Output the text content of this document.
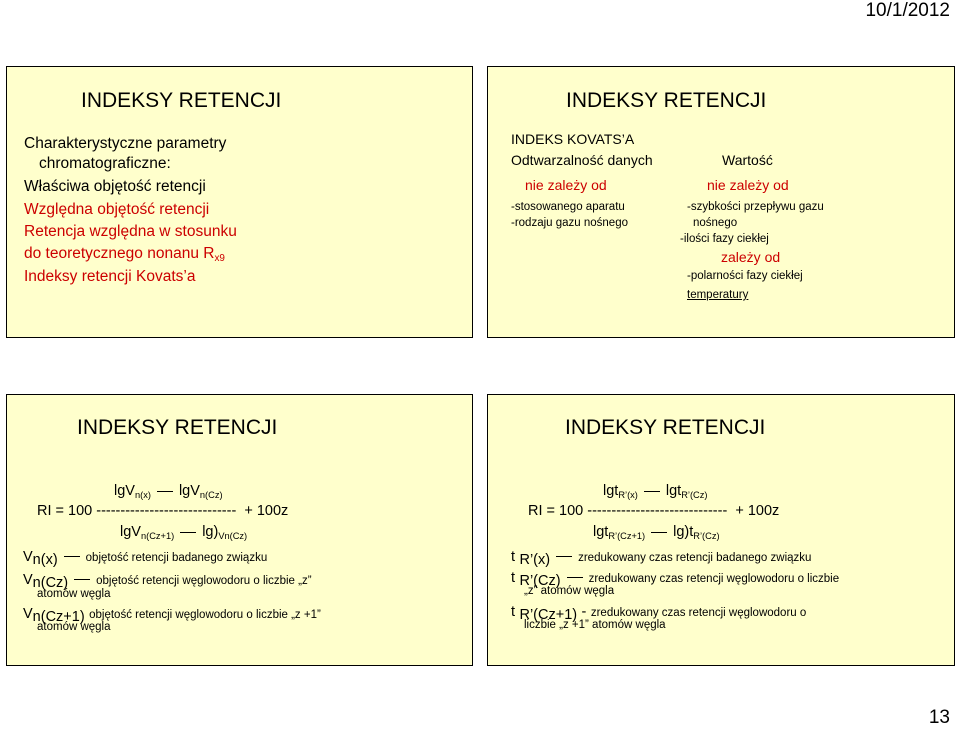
10/1/2012
INDEKSY RETENCJI
Charakterystyczne parametry
chromatograficzne:
Właściwa objętość retencji
Względna objętość retencji
Retencja względna w stosunku
do teoretycznego nonanu $R_{x9}$
Indeksy retencji Kovats’a
INDEKSY RETENCJI
INDEKS KOVATS’A
Odtwarzalność danych	Wartość
nie zależy od	nie zależy od
-stosowanego aparatu
-rodzaju gazu nośnego
-szybkości przepływu gazu
nośnego
-ilości fazy ciekłej
zależy od
-polarności fazy ciekłej
temperatury
INDEKSY RETENCJI
lgV$_{n(x)}$ lgV$_{n(Cz)}$
RI = 100 ----------------------------- + 100z
lgV$_{n(Cz+1)}$ $\lg)_{Vn(Cz)}$
$V_{n(x)}$ objętość retencji badanego związku
$V_{n(Cz)}$ objętość retencji węglowodoru o liczbie „z”
atomów węgla
$V_{n(Cz+1)}$ objętość retencji węglowodoru o liczbie „z +1”
atomów węgla
INDEKSY RETENCJI
lgt$_{R’(x)}$ lgt$_{R’(Cz)}$
RI = 100 ----------------------------- + 100z
lgt$_{R’(Cz+1)}$ $\lg)t_{R’(Cz)}$
t $_{R’(x)}$ zredukowany czas retencji badanego związku
t $_{R’(Cz)}$ zredukowany czas retencji węglowodoru o liczbie
„z” atomów węgla
t $_{R’(Cz+1)}$ - zredukowany czas retencji węglowodoru o
liczbie „z +1” atomów węgla
13
